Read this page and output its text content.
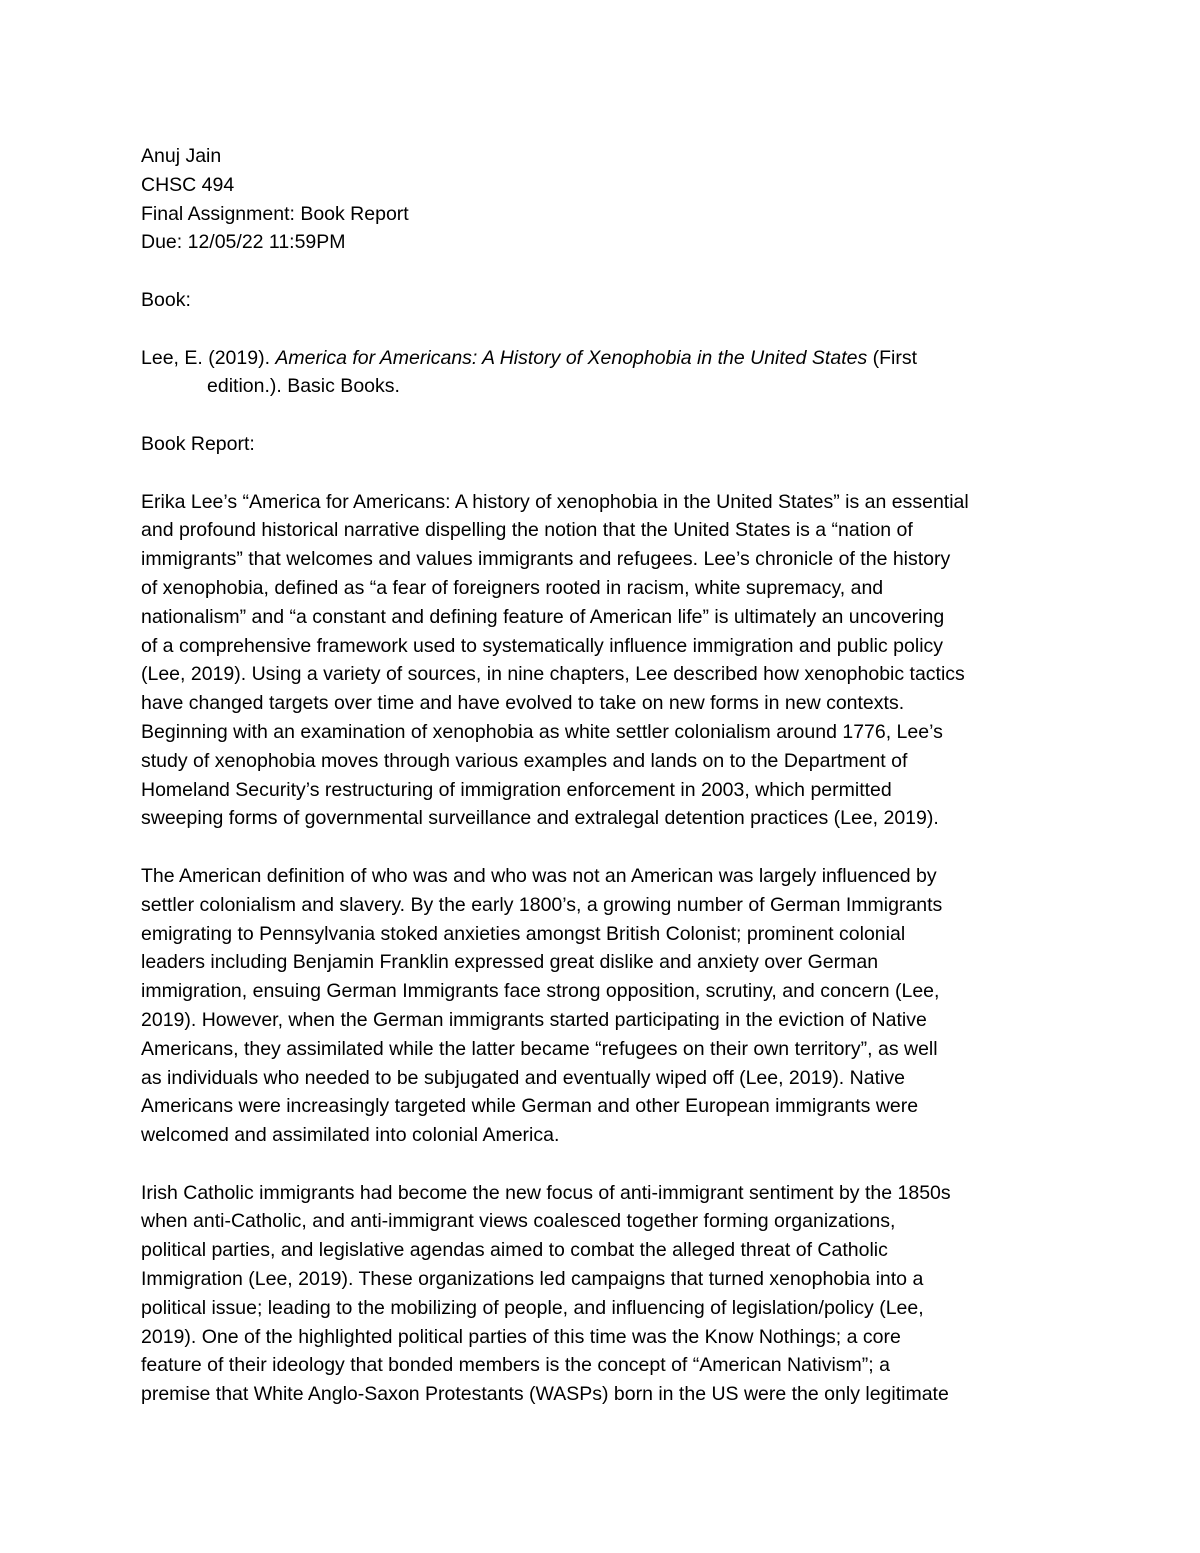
Anuj Jain

CHSC 494

Final Assignment: Book Report

Due: 12/05/22 11:59PM

Book:

Lee, E. (2019). America for Americans: A History of Xenophobia in the United States (First

edition.). Basic Books.

Book Report:

Erika Lee’s “America for Americans: A history of xenophobia in the United States” is an essential

and profound historical narrative dispelling the notion that the United States is a “nation of

immigrants” that welcomes and values immigrants and refugees. Lee’s chronicle of the history

of xenophobia, defined as “a fear of foreigners rooted in racism, white supremacy, and

nationalism” and “a constant and defining feature of American life” is ultimately an uncovering

of a comprehensive framework used to systematically influence immigration and public policy

(Lee, 2019). Using a variety of sources, in nine chapters, Lee described how xenophobic tactics

have changed targets over time and have evolved to take on new forms in new contexts.

Beginning with an examination of xenophobia as white settler colonialism around 1776, Lee’s

study of xenophobia moves through various examples and lands on to the Department of

Homeland Security’s restructuring of immigration enforcement in 2003, which permitted

sweeping forms of governmental surveillance and extralegal detention practices (Lee, 2019).

The American definition of who was and who was not an American was largely influenced by

settler colonialism and slavery. By the early 1800’s, a growing number of German Immigrants

emigrating to Pennsylvania stoked anxieties amongst British Colonist; prominent colonial

leaders including Benjamin Franklin expressed great dislike and anxiety over German

immigration, ensuing German Immigrants face strong opposition, scrutiny, and concern (Lee,

2019). However, when the German immigrants started participating in the eviction of Native

Americans, they assimilated while the latter became “refugees on their own territory”, as well

as individuals who needed to be subjugated and eventually wiped off (Lee, 2019). Native

Americans were increasingly targeted while German and other European immigrants were

welcomed and assimilated into colonial America.

Irish Catholic immigrants had become the new focus of anti-immigrant sentiment by the 1850s

when anti-Catholic, and anti-immigrant views coalesced together forming organizations,

political parties, and legislative agendas aimed to combat the alleged threat of Catholic

Immigration (Lee, 2019). These organizations led campaigns that turned xenophobia into a

political issue; leading to the mobilizing of people, and influencing of legislation/policy (Lee,

2019). One of the highlighted political parties of this time was the Know Nothings; a core

feature of their ideology that bonded members is the concept of “American Nativism”; a

premise that White Anglo-Saxon Protestants (WASPs) born in the US were the only legitimate
